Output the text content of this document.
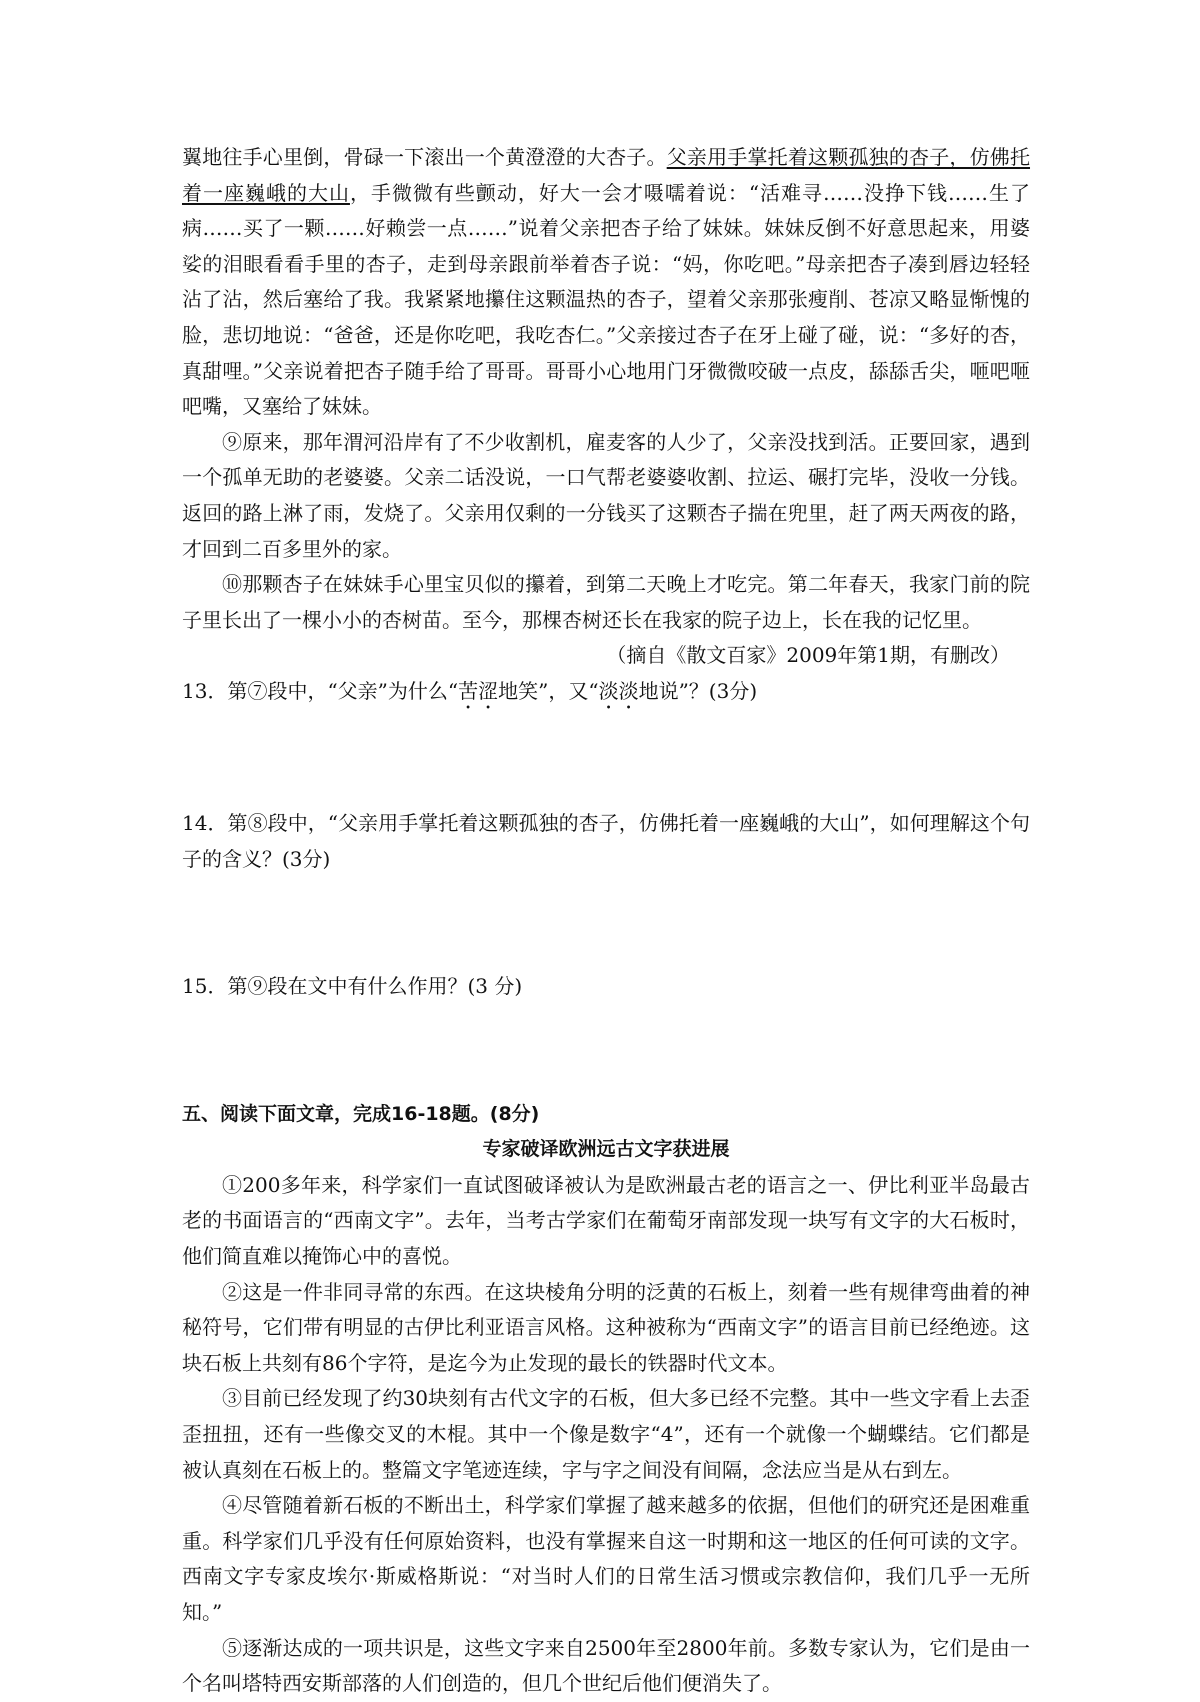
翼地往手心里倒，骨碌一下滚出一个黄澄澄的大杏子。父亲用手掌托着这颗孤独的杏子，仿佛托着一座巍峨的大山，手微微有些颤动，好大一会才嗫嚅着说：“活难寻……没挣下钱……生了病……买了一颗……好赖尝一点……”说着父亲把杏子给了妹妹。妹妹反倒不好意思起来，用婆娑的泪眼看看手里的杏子，走到母亲跟前举着杏子说：“妈，你吃吧。”母亲把杏子凑到唇边轻轻沾了沾，然后塞给了我。我紧紧地攥住这颗温热的杏子，望着父亲那张瘦削、苍凉又略显惭愧的脸，悲切地说：“爸爸，还是你吃吧，我吃杏仁。”父亲接过杏子在牙上碰了碰，说：“多好的杏，真甜哩。”父亲说着把杏子随手给了哥哥。哥哥小心地用门牙微微咬破一点皮，舔舔舌尖，咂吧咂吧嘴，又塞给了妹妹。

⑨原来，那年渭河沿岸有了不少收割机，雇麦客的人少了，父亲没找到活。正要回家，遇到一个孤单无助的老婆婆。父亲二话没说，一口气帮老婆婆收割、拉运、碾打完毕，没收一分钱。返回的路上淋了雨，发烧了。父亲用仅剩的一分钱买了这颗杏子揣在兜里，赶了两天两夜的路，才回到二百多里外的家。

⑩那颗杏子在妹妹手心里宝贝似的攥着，到第二天晚上才吃完。第二年春天，我家门前的院子里长出了一棵小小的杏树苗。至今，那棵杏树还长在我家的院子边上，长在我的记忆里。

（摘自《散文百家》2009年第1期，有删改）

13．第⑦段中，“父亲”为什么“苦涩地笑”，又“淡淡地说”？(3分)

14．第⑧段中，“父亲用手掌托着这颗孤独的杏子，仿佛托着一座巍峨的大山”，如何理解这个句子的含义？(3分)

15．第⑨段在文中有什么作用？(3 分)

五、阅读下面文章，完成16-18题。(8分)

专家破译欧洲远古文字获进展

①200多年来，科学家们一直试图破译被认为是欧洲最古老的语言之一、伊比利亚半岛最古老的书面语言的“西南文字”。去年，当考古学家们在葡萄牙南部发现一块写有文字的大石板时，他们简直难以掩饰心中的喜悦。

②这是一件非同寻常的东西。在这块棱角分明的泛黄的石板上，刻着一些有规律弯曲着的神秘符号，它们带有明显的古伊比利亚语言风格。这种被称为“西南文字”的语言目前已经绝迹。这块石板上共刻有86个字符，是迄今为止发现的最长的铁器时代文本。

③目前已经发现了约30块刻有古代文字的石板，但大多已经不完整。其中一些文字看上去歪歪扭扭，还有一些像交叉的木棍。其中一个像是数字“4”，还有一个就像一个蝴蝶结。它们都是被认真刻在石板上的。整篇文字笔迹连续，字与字之间没有间隔，念法应当是从右到左。

④尽管随着新石板的不断出土，科学家们掌握了越来越多的依据，但他们的研究还是困难重重。科学家们几乎没有任何原始资料，也没有掌握来自这一时期和这一地区的任何可读的文字。西南文字专家皮埃尔·斯威格斯说：“对当时人们的日常生活习惯或宗教信仰，我们几乎一无所知。”

⑤逐渐达成的一项共识是，这些文字来自2500年至2800年前。多数专家认为，它们是由一个名叫塔特西安斯部落的人们创造的，但几个世纪后他们便消失了。
